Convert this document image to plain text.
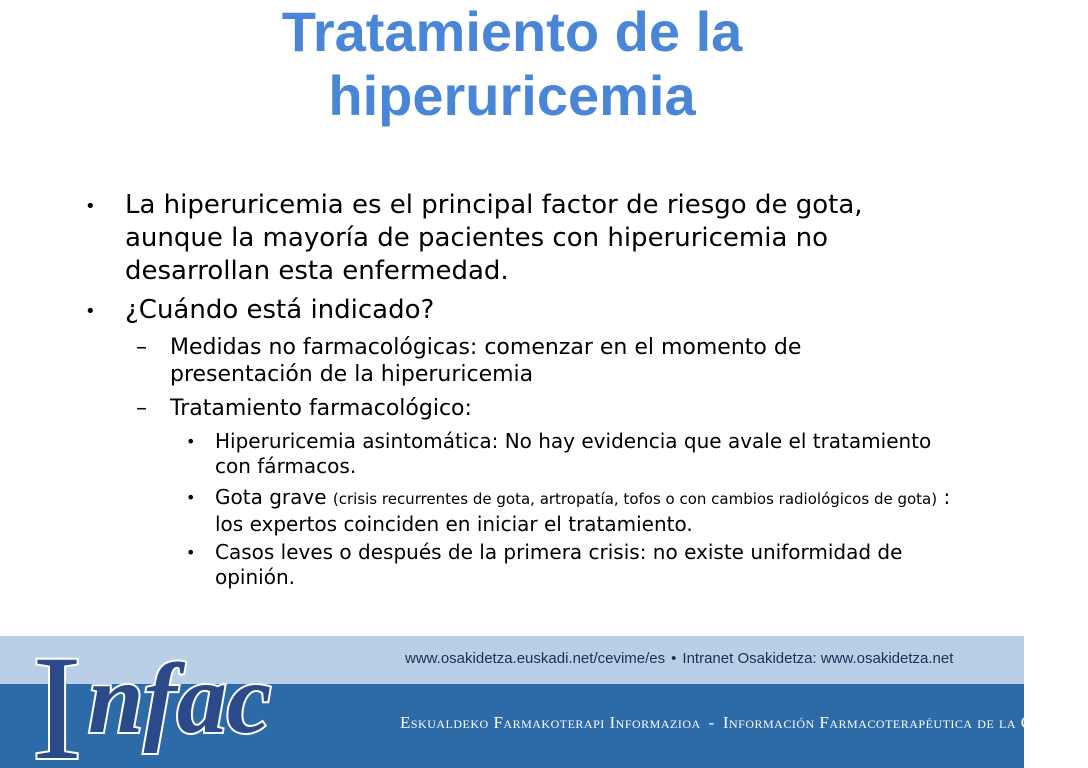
Tratamiento de la
hiperuricemia
• La hiperuricemia es el principal factor de riesgo de gota, aunque la mayoría de pacientes con hiperuricemia no desarrollan esta enfermedad.
• ¿Cuándo está indicado?
– Medidas no farmacológicas: comenzar en el momento de presentación de la hiperuricemia
– Tratamiento farmacológico:
• Hiperuricemia asintomática: No hay evidencia que avale el tratamiento con fármacos.
• Gota grave (crisis recurrentes de gota, artropatía, tofos o con cambios radiológicos de gota) : los expertos coinciden en iniciar el tratamiento.
• Casos leves o después de la primera crisis: no existe uniformidad de opinión.
www.osakidetza.euskadi.net/cevime/es • Intranet Osakidetza: www.osakidetza.net
Eskualdeko Farmakoterapi Informazioa - Información Farmacoterapéutica de la Comarca
I nfac
